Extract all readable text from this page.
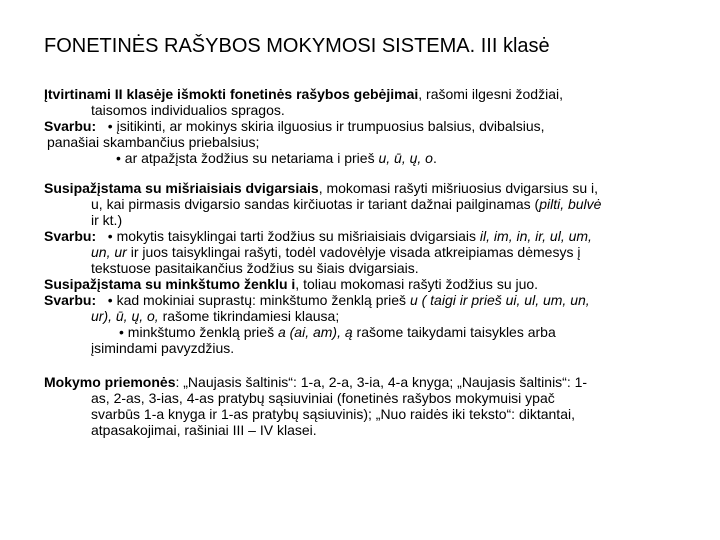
FONETINĖS RAŠYBOS MOKYMOSI SISTEMA. III klasė
Įtvirtinami II klasėje išmokti fonetinės rašybos gebėjimai, rašomi ilgesni žodžiai,
taisomos individualios spragos.
Svarbu: • įsitikinti, ar mokinys skiria ilguosius ir trumpuosius balsius, dvibalsius,
panašiai skambančius priebalsius;
• ar atpažįsta žodžius su netariama i prieš u, ū, ų, o.
Susipažįstama su mišriaisiais dvigarsiais, mokomasi rašyti mišriuosius dvigarsius su i,
u, kai pirmasis dvigarsio sandas kirčiuotas ir tariant dažnai pailginamas (pilti, bulvė
ir kt.)
Svarbu: • mokytis taisyklingai tarti žodžius su mišriaisiais dvigarsiais il, im, in, ir, ul, um,
un, ur ir juos taisyklingai rašyti, todėl vadovėlyje visada atkreipiamas dėmesys į
tekstuose pasitaikančius žodžius su šiais dvigarsiais.
Susipažįstama su minkštumo ženklu i, toliau mokomasi rašyti žodžius su juo.
Svarbu: • kad mokiniai suprastų: minkštumo ženklą prieš u ( taigi ir prieš ui, ul, um, un,
ur), ū, ų, o, rašome tikrindamiesi klausa;
• minkštumo ženklą prieš a (ai, am), ą rašome taikydami taisykles arba
įsimindami pavyzdžius.
Mokymo priemonės: „Naujasis šaltinis“: 1-a, 2-a, 3-ia, 4-a knyga; „Naujasis šaltinis“: 1-
as, 2-as, 3-ias, 4-as pratybų sąsiuviniai (fonetinės rašybos mokymuisi ypač
svarbūs 1-a knyga ir 1-as pratybų sąsiuvinis); „Nuo raidės iki teksto“: diktantai,
atpasakojimai, rašiniai III – IV klasei.
